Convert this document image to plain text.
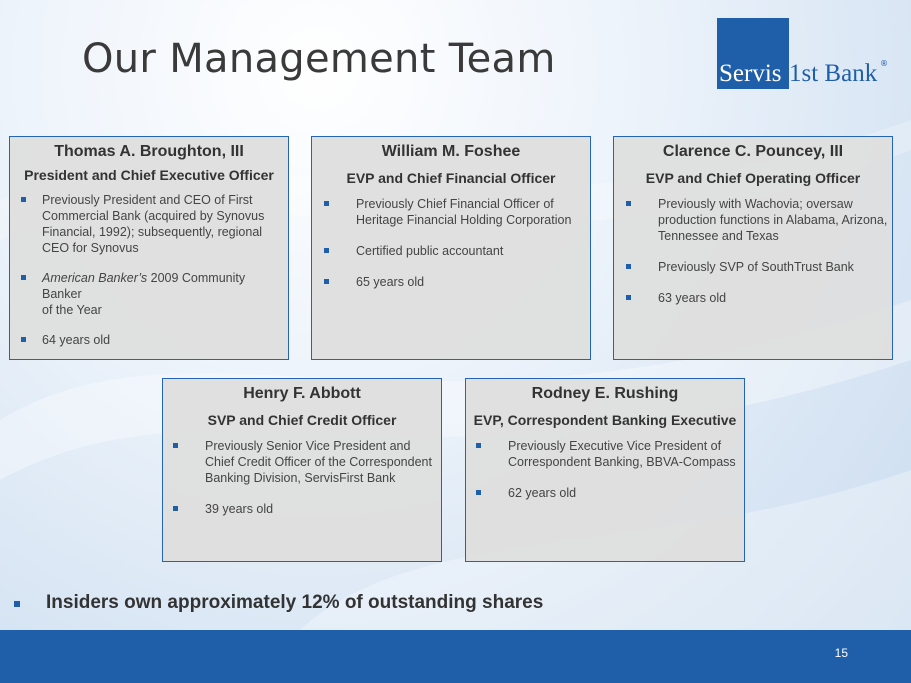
Our Management Team	Servis 1st Bank ®
Thomas A. Broughton, III
President and Chief Executive Officer
Previously President and CEO of First
Commercial Bank (acquired by Synovus
Financial, 1992); subsequently, regional
CEO for Synovus
American Banker’s 2009 Community Banker
of the Year
64 years old
William M. Foshee
EVP and Chief Financial Officer
Previously Chief Financial Officer of
Heritage Financial Holding Corporation
Certified public accountant
65 years old
Clarence C. Pouncey, III
EVP and Chief Operating Officer
Previously with Wachovia; oversaw
production functions in Alabama, Arizona,
Tennessee and Texas
Previously SVP of SouthTrust Bank
63 years old
Henry F. Abbott
SVP and Chief Credit Officer
Previously Senior Vice President and
Chief Credit Officer of the Correspondent
Banking Division, ServisFirst Bank
39 years old
Rodney E. Rushing
EVP, Correspondent Banking Executive
Previously Executive Vice President of
Correspondent Banking, BBVA-Compass
62 years old
Insiders own approximately 12% of outstanding shares
15
